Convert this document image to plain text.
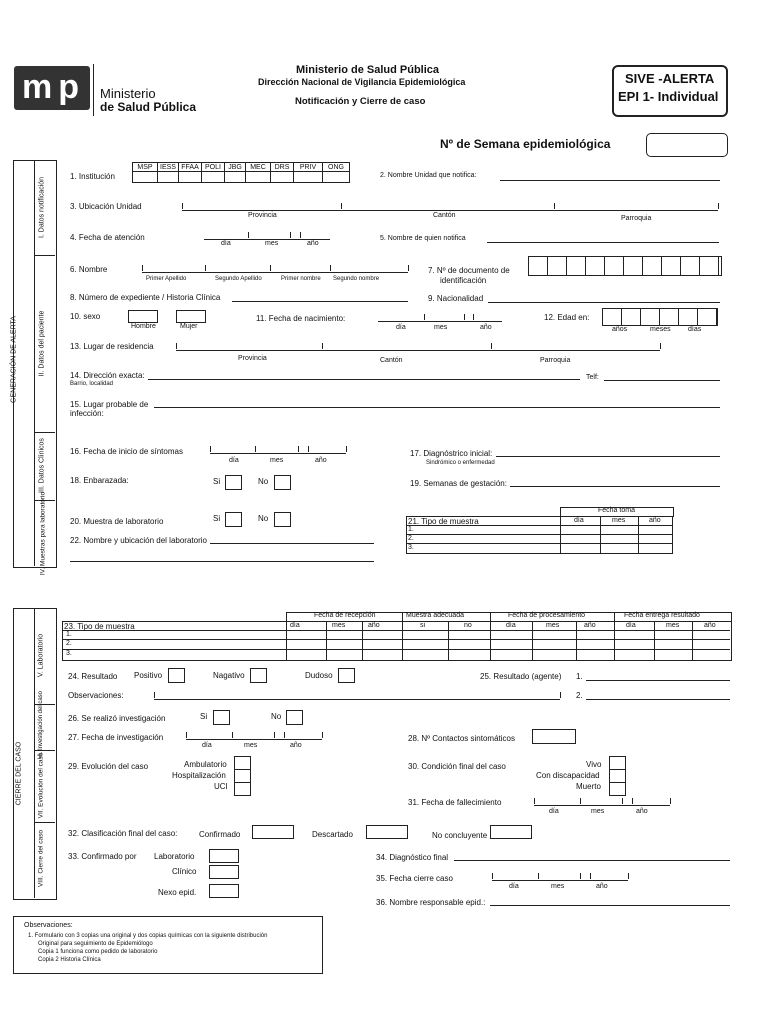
mp Ministerio
de Salud Pública
Ministerio de Salud Pública
Dirección Nacional de Vigilancia Epidemiológica
Notificación y Cierre de caso
SIVE -ALERTA
EPI 1- Individual
Nº de Semana epidemiológica
GENERACIÓN DE ALERTA
I. Datos notificación
II. Datos del paciente
III. Datos Clínicos
IV. Muestras para laboratorio
1. Institución
MSP	IESS	FFAA	POLI	JBG	MEC	DRS	PRIV	ONG

2. Nombre Unidad que notifica:
3. Ubicación Unidad
Provincia	Cantón	Parroquia
4. Fecha de atención
día	mes	año
5. Nombre de quien notifica
6. Nombre
Primer Apellido	Segundo Apellido	Primer nombre Segundo nombre
7. Nº de documento de
identificación
8. Número de expediente / Historia Clínica	9. Nacionalidad
10. sexo
Hombre	Mujer
11. Fecha de nacimiento:
día	mes	año
12. Edad en:
años	meses días
13. Lugar de residencia
Provincia	Cantón	Parroquia
14. Dirección exacta:
Barrio, localidad
Telf:
15. Lugar probable de
infección:
16. Fecha de inicio de síntomas
día	mes	año
17. Diagnóstrico inicial:
Sindrómico o enfermedad
18. Enbarazada:	Si	No	19. Semanas de gestación:
20. Muestra de laboratorio	Si	No
Fecha toma
21. Tipo de muestra	día	mes	año
1.
2.
3.
22. Nombre y ubicación del laboratorio
CIERRE DEL CASO
V. Laboratorio
VI. Investigación del caso
VII. Evolución del caso
VIII. Cierre del caso
Fecha de recepción	Muestra adecuada	Fecha de procesamiento	Fecha entrega resultado
23. Tipo de muestra	día	mes	año	si	no	día	mes	año	día	mes	año
1.
2.
3.
24. Resultado Positivo	Nagativo	Dudoso	25. Resultado (agente) 1.
Observaciones:	2.
26. Se realizó investigación	Si	No
27. Fecha de investigación
día	mes	año
28. Nº Contactos sintomáticos
29. Evolución del caso	Ambulatorio
Hospitalización
UCI
30. Condición final del caso	Vivo
Con discapacidad
Muerto
31. Fecha de fallecimiento
día	mes	año
32. Clasificación final del caso:	Confirmado	Descartado	No concluyente
33. Confirmado por Laboratorio
Clínico
Nexo epid.
34. Diagnóstico final
35. Fecha cierre caso
día	mes	año
36. Nombre responsable epid.:
Observaciones:
1. Formulario con 3 copias una original y dos copias químicas con la siguiente distribución
Original para seguimiento de Epidemiólogo
Copia 1 funciona como pedido de laboratorio
Copia 2 Historia Clínica
